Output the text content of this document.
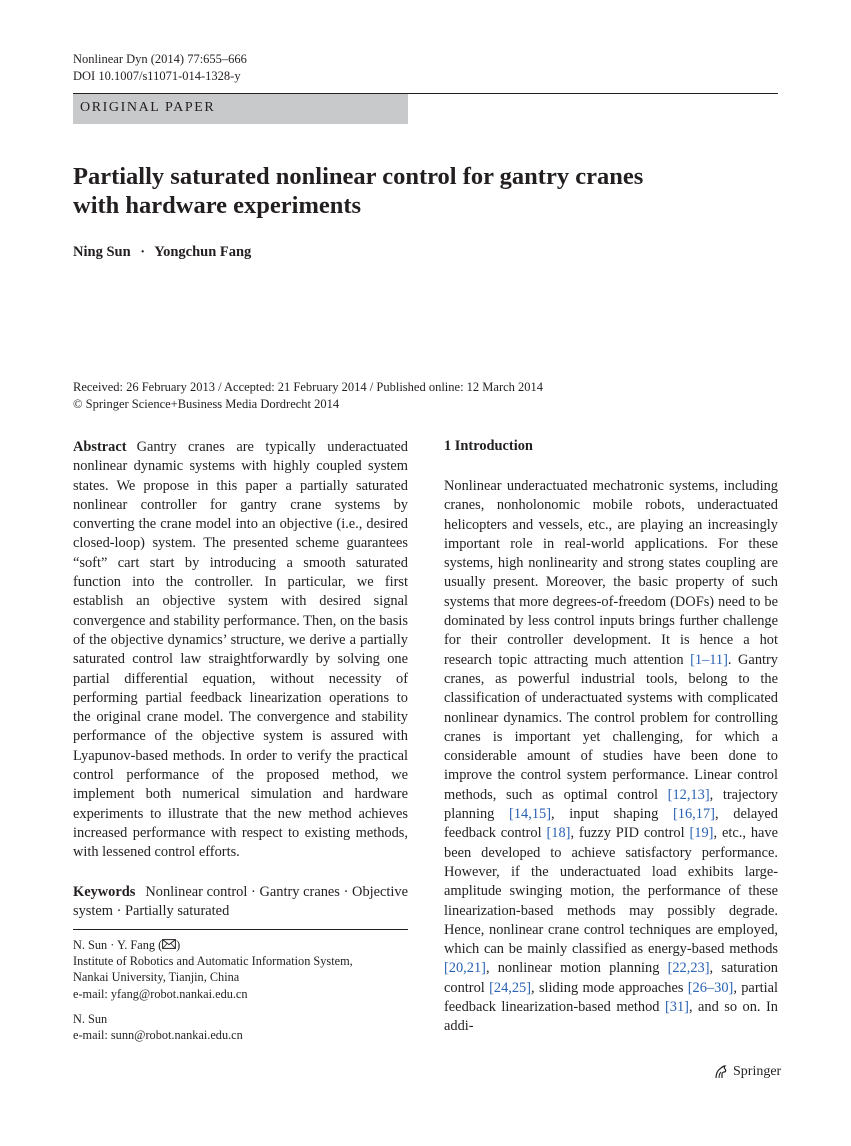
Nonlinear Dyn (2014) 77:655–666
DOI 10.1007/s11071-014-1328-y
ORIGINAL PAPER
Partially saturated nonlinear control for gantry cranes
with hardware experiments
Ning Sun · Yongchun Fang
Received: 26 February 2013 / Accepted: 21 February 2014 / Published online: 12 March 2014
© Springer Science+Business Media Dordrecht 2014
Abstract Gantry cranes are typically underactuated nonlinear dynamic systems with highly coupled system states. We propose in this paper a partially saturated nonlinear controller for gantry crane systems by converting the crane model into an objective (i.e., desired closed-loop) system. The presented scheme guarantees “soft” cart start by introducing a smooth saturated function into the controller. In particular, we first establish an objective system with desired signal convergence and stability performance. Then, on the basis of the objective dynamics’ structure, we derive a partially saturated control law straightforwardly by solving one partial differential equation, without necessity of performing partial feedback linearization operations to the original crane model. The convergence and stability performance of the objective system is assured with Lyapunov-based methods. In order to verify the practical control performance of the proposed method, we implement both numerical simulation and hardware experiments to illustrate that the new method achieves increased performance with respect to existing methods, with lessened control efforts.
Keywords Nonlinear control · Gantry cranes · Objective system · Partially saturated

N. Sun · Y. Fang ( )

Institute of Robotics and Automatic Information System,

Nankai University, Tianjin, China

e-mail: yfang@robot.nankai.edu.cn

N. Sun

e-mail: sunn@robot.nankai.edu.cn

1 Introduction
Nonlinear underactuated mechatronic systems, including cranes, nonholonomic mobile robots, underactuated helicopters and vessels, etc., are playing an increasingly important role in real-world applications. For these systems, high nonlinearity and strong states coupling are usually present. Moreover, the basic property of such systems that more degrees-of-freedom (DOFs) need to be dominated by less control inputs brings further challenge for their controller development. It is hence a hot research topic attracting much attention [1–11]. Gantry cranes, as powerful industrial tools, belong to the classification of underactuated systems with complicated nonlinear dynamics. The control problem for controlling cranes is important yet challenging, for which a considerable amount of studies have been done to improve the control system performance. Linear control methods, such as optimal control [12,13], trajectory planning [14,15], input shaping [16,17], delayed feedback control [18], fuzzy PID control [19], etc., have been developed to achieve satisfactory performance. However, if the underactuated load exhibits large-amplitude swinging motion, the performance of these linearization-based methods may possibly degrade. Hence, nonlinear crane control techniques are employed, which can be mainly classified as energy-based methods [20,21], nonlinear motion planning [22,23], saturation control [24,25], sliding mode approaches [26–30], partial feedback linearization-based method [31], and so on. In addi-
Springer
